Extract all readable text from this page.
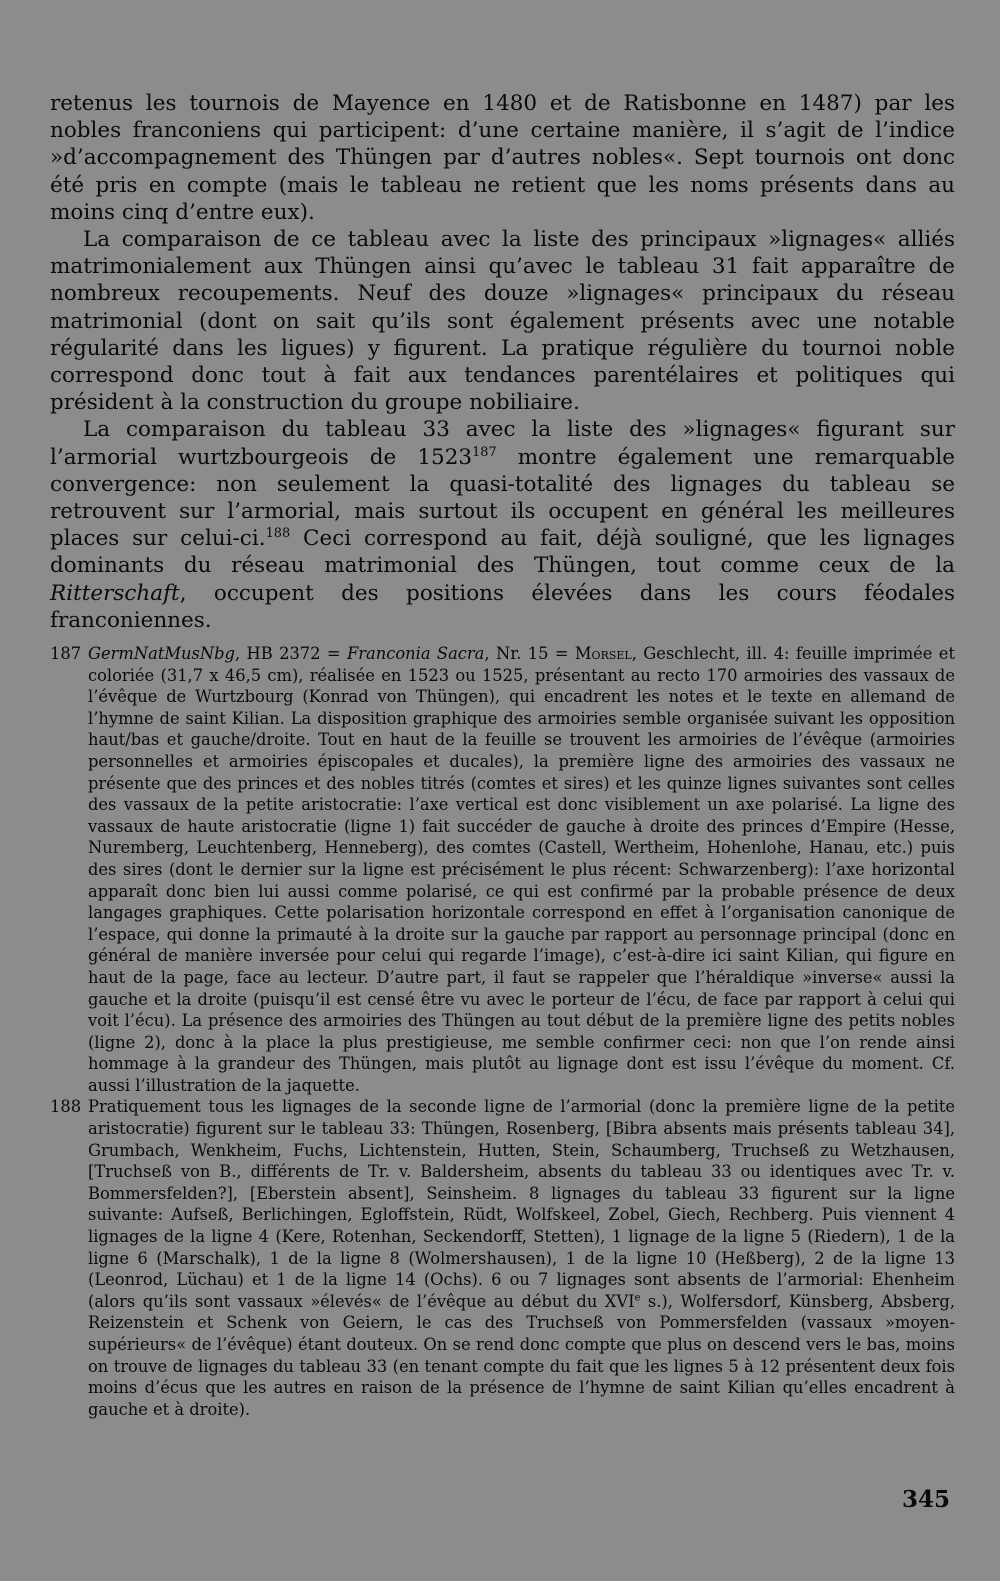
retenus les tournois de Mayence en 1480 et de Ratisbonne en 1487) par les nobles franconiens qui participent: d’une certaine manière, il s’agit de l’indice »d’accompagnement des Thüngen par d’autres nobles«. Sept tournois ont donc été pris en compte (mais le tableau ne retient que les noms présents dans au moins cinq d’entre eux).

La comparaison de ce tableau avec la liste des principaux »lignages« alliés matrimonialement aux Thüngen ainsi qu’avec le tableau 31 fait apparaître de nombreux recoupements. Neuf des douze »lignages« principaux du réseau matrimonial (dont on sait qu’ils sont également présents avec une notable régularité dans les ligues) y figurent. La pratique régulière du tournoi noble correspond donc tout à fait aux tendances parentélaires et politiques qui président à la construction du groupe nobiliaire.

La comparaison du tableau 33 avec la liste des »lignages« figurant sur l’armorial wurtzbourgeois de 1523$^{187}$ montre également une remarquable convergence: non seulement la quasi-totalité des lignages du tableau se retrouvent sur l’armorial, mais surtout ils occupent en général les meilleures places sur celui-ci.$^{188}$ Ceci correspond au fait, déjà souligné, que les lignages dominants du réseau matrimonial des Thüngen, tout comme ceux de la Ritterschaft, occupent des positions élevées dans les cours féodales franconiennes.

187 GermNatMusNbg, HB 2372 = Franconia Sacra, Nr. 15 = Morsel, Geschlecht, ill. 4: feuille imprimée et coloriée (31,7 x 46,5 cm), réalisée en 1523 ou 1525, présentant au recto 170 armoiries des vassaux de l’évêque de Wurtzbourg (Konrad von Thüngen), qui encadrent les notes et le texte en allemand de l’hymne de saint Kilian. La disposition graphique des armoiries semble organisée suivant les opposition haut/bas et gauche/droite. Tout en haut de la feuille se trouvent les armoiries de l’évêque (armoiries personnelles et armoiries épiscopales et ducales), la première ligne des armoiries des vassaux ne présente que des princes et des nobles titrés (comtes et sires) et les quinze lignes suivantes sont celles des vassaux de la petite aristocratie: l’axe vertical est donc visiblement un axe polarisé. La ligne des vassaux de haute aristocratie (ligne 1) fait succéder de gauche à droite des princes d’Empire (Hesse, Nuremberg, Leuchtenberg, Henneberg), des comtes (Castell, Wertheim, Hohenlohe, Hanau, etc.) puis des sires (dont le dernier sur la ligne est précisément le plus récent: Schwarzenberg): l’axe horizontal apparaît donc bien lui aussi comme polarisé, ce qui est confirmé par la probable présence de deux langages graphiques. Cette polarisation horizontale correspond en effet à l’organisation canonique de l’espace, qui donne la primauté à la droite sur la gauche par rapport au personnage principal (donc en général de manière inversée pour celui qui regarde l’image), c’est-à-dire ici saint Kilian, qui figure en haut de la page, face au lecteur. D’autre part, il faut se rappeler que l’héraldique »inverse« aussi la gauche et la droite (puisqu’il est censé être vu avec le porteur de l’écu, de face par rapport à celui qui voit l’écu). La présence des armoiries des Thüngen au tout début de la première ligne des petits nobles (ligne 2), donc à la place la plus prestigieuse, me semble confirmer ceci: non que l’on rende ainsi hommage à la grandeur des Thüngen, mais plutôt au lignage dont est issu l’évêque du moment. Cf. aussi l’illustration de la jaquette.

188 Pratiquement tous les lignages de la seconde ligne de l’armorial (donc la première ligne de la petite aristocratie) figurent sur le tableau 33: Thüngen, Rosenberg, [Bibra absents mais présents tableau 34], Grumbach, Wenkheim, Fuchs, Lichtenstein, Hutten, Stein, Schaumberg, Truchseß zu Wetzhausen, [Truchseß von B., différents de Tr. v. Baldersheim, absents du tableau 33 ou identiques avec Tr. v. Bommersfelden?], [Eberstein absent], Seinsheim. 8 lignages du tableau 33 figurent sur la ligne suivante: Aufseß, Berlichingen, Egloffstein, Rüdt, Wolfskeel, Zobel, Giech, Rechberg. Puis viennent 4 lignages de la ligne 4 (Kere, Rotenhan, Seckendorff, Stetten), 1 lignage de la ligne 5 (Riedern), 1 de la ligne 6 (Marschalk), 1 de la ligne 8 (Wolmershausen), 1 de la ligne 10 (Heßberg), 2 de la ligne 13 (Leonrod, Lüchau) et 1 de la ligne 14 (Ochs). 6 ou 7 lignages sont absents de l’armorial: Ehenheim (alors qu’ils sont vassaux »élevés« de l’évêque au début du XVIe s.), Wolfersdorf, Künsberg, Absberg, Reizenstein et Schenk von Geiern, le cas des Truchseß von Pommersfelden (vassaux »moyen-supérieurs« de l’évêque) étant douteux. On se rend donc compte que plus on descend vers le bas, moins on trouve de lignages du tableau 33 (en tenant compte du fait que les lignes 5 à 12 présentent deux fois moins d’écus que les autres en raison de la présence de l’hymne de saint Kilian qu’elles encadrent à gauche et à droite).

345
